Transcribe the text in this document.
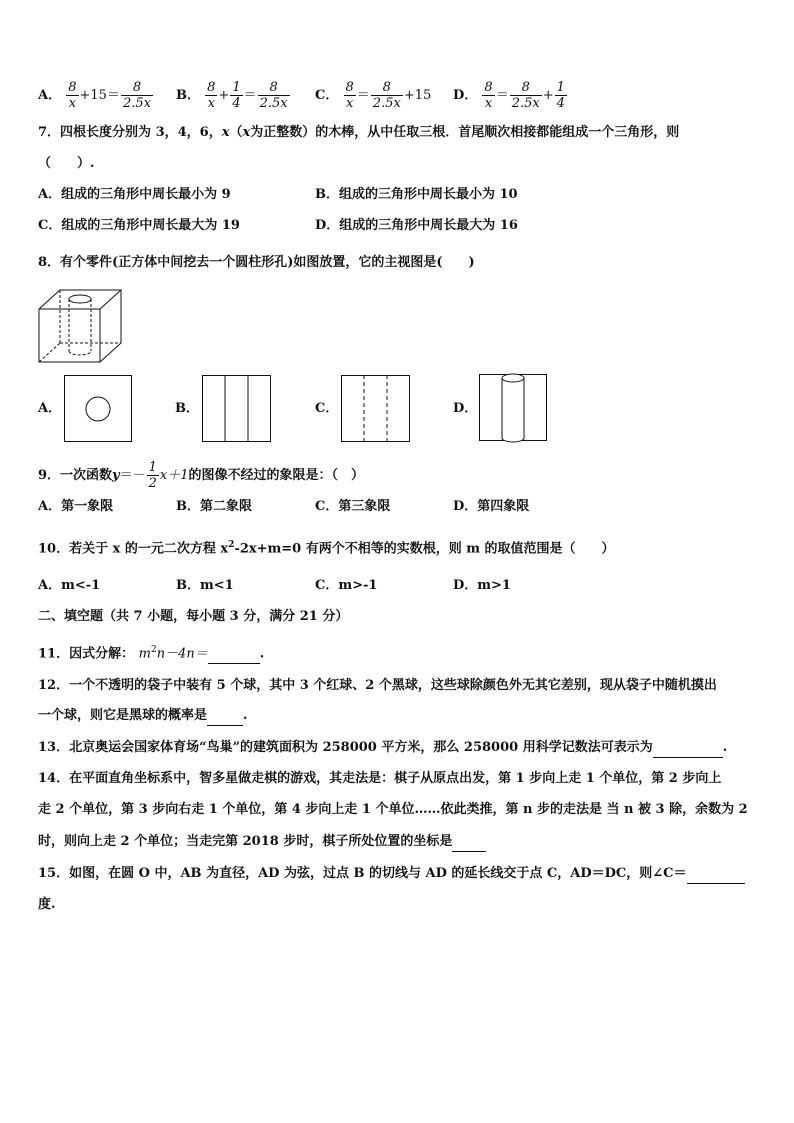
A． $\frac{8}{x} +15= \frac{8}{2.5x}$ B． $\frac{8}{x} + \frac{1}{4} = \frac{8}{2.5x}$ C． $\frac{8}{x} = \frac{8}{2.5x} +15$ D． $\frac{8}{x} = \frac{8}{2.5x} + \frac{1}{4}$
7．四根长度分别为 3，4，6，x（x为正整数）的木棒，从中任取三根．首尾顺次相接都能组成一个三角形，则
（　　）.
A．组成的三角形中周长最小为 9	B．组成的三角形中周长最小为 10
C．组成的三角形中周长最大为 19	D．组成的三角形中周长最大为 16
8．有个零件(正方体中间挖去一个圆柱形孔)如图放置，它的主视图是(　　)
A．	B．	C．	D．
9．一次函数$y=- \frac{1}{2} x+1$的图像不经过的象限是：（　）
A．第一象限	B．第二象限	C．第三象限	D．第四象限
10．若关于 x 的一元二次方程 $x^2-2x+m=0$ 有两个不相等的实数根，则 m 的取值范围是（　　）
A．m<-1	B．m<1	C．m>-1	D．m>1
二、填空题（共 7 小题，每小题 3 分，满分 21 分）
11．因式分解： $m^2n-4n=$	.
12．一个不透明的袋子中装有 5 个球，其中 3 个红球、2 个黑球，这些球除颜色外无其它差别，现从袋子中随机摸出
一个球，则它是黑球的概率是	.
13．北京奥运会国家体育场“鸟巢”的建筑面积为 258000 平方米，那么 258000 用科学记数法可表示为	.
14．在平面直角坐标系中，智多星做走棋的游戏，其走法是：棋子从原点出发，第 1 步向上走 1 个单位，第 2 步向上
走 2 个单位，第 3 步向右走 1 个单位，第 4 步向上走 1 个单位……依此类推，第 n 步的走法是 当 n 被 3 除，余数为 2
时，则向上走 2 个单位；当走完第 2018 步时，棋子所处位置的坐标是
15．如图，在圆 O 中，AB 为直径，AD 为弦，过点 B 的切线与 AD 的延长线交于点 C，AD＝DC，则∠C＝
度.
